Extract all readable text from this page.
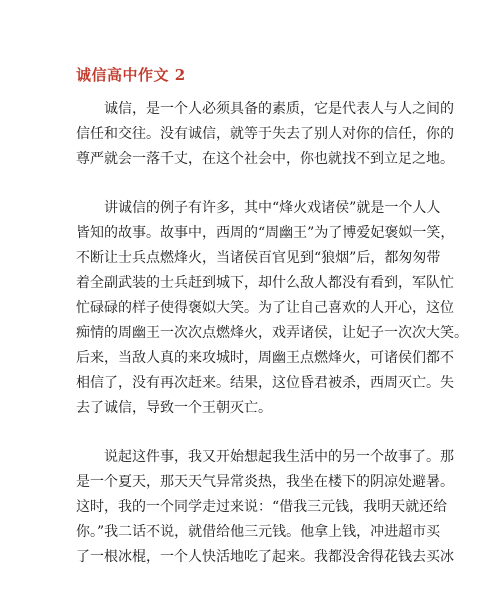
诚信高中作文 2
诚信，是一个人必须具备的素质，它是代表人与人之间的
信任和交往。没有诚信，就等于失去了别人对你的信任，你的
尊严就会一落千丈，在这个社会中，你也就找不到立足之地。
讲诚信的例子有许多，其中“烽火戏诸侯”就是一个人人
皆知的故事。故事中，西周的“周幽王”为了博爱妃褒姒一笑，
不断让士兵点燃烽火，当诸侯百官见到“狼烟”后，都匆匆带
着全副武装的士兵赶到城下，却什么敌人都没有看到，军队忙
忙碌碌的样子使得褒姒大笑。为了让自己喜欢的人开心，这位
痴情的周幽王一次次点燃烽火，戏弄诸侯，让妃子一次次大笑。
后来，当敌人真的来攻城时，周幽王点燃烽火，可诸侯们都不
相信了，没有再次赶来。结果，这位昏君被杀，西周灭亡。失
去了诚信，导致一个王朝灭亡。
说起这件事，我又开始想起我生活中的另一个故事了。那
是一个夏天，那天天气异常炎热，我坐在楼下的阴凉处避暑。
这时，我的一个同学走过来说：“借我三元钱，我明天就还给
你。”我二话不说，就借给他三元钱。他拿上钱，冲进超市买
了一根冰棍，一个人快活地吃了起来。我都没舍得花钱去买冰
